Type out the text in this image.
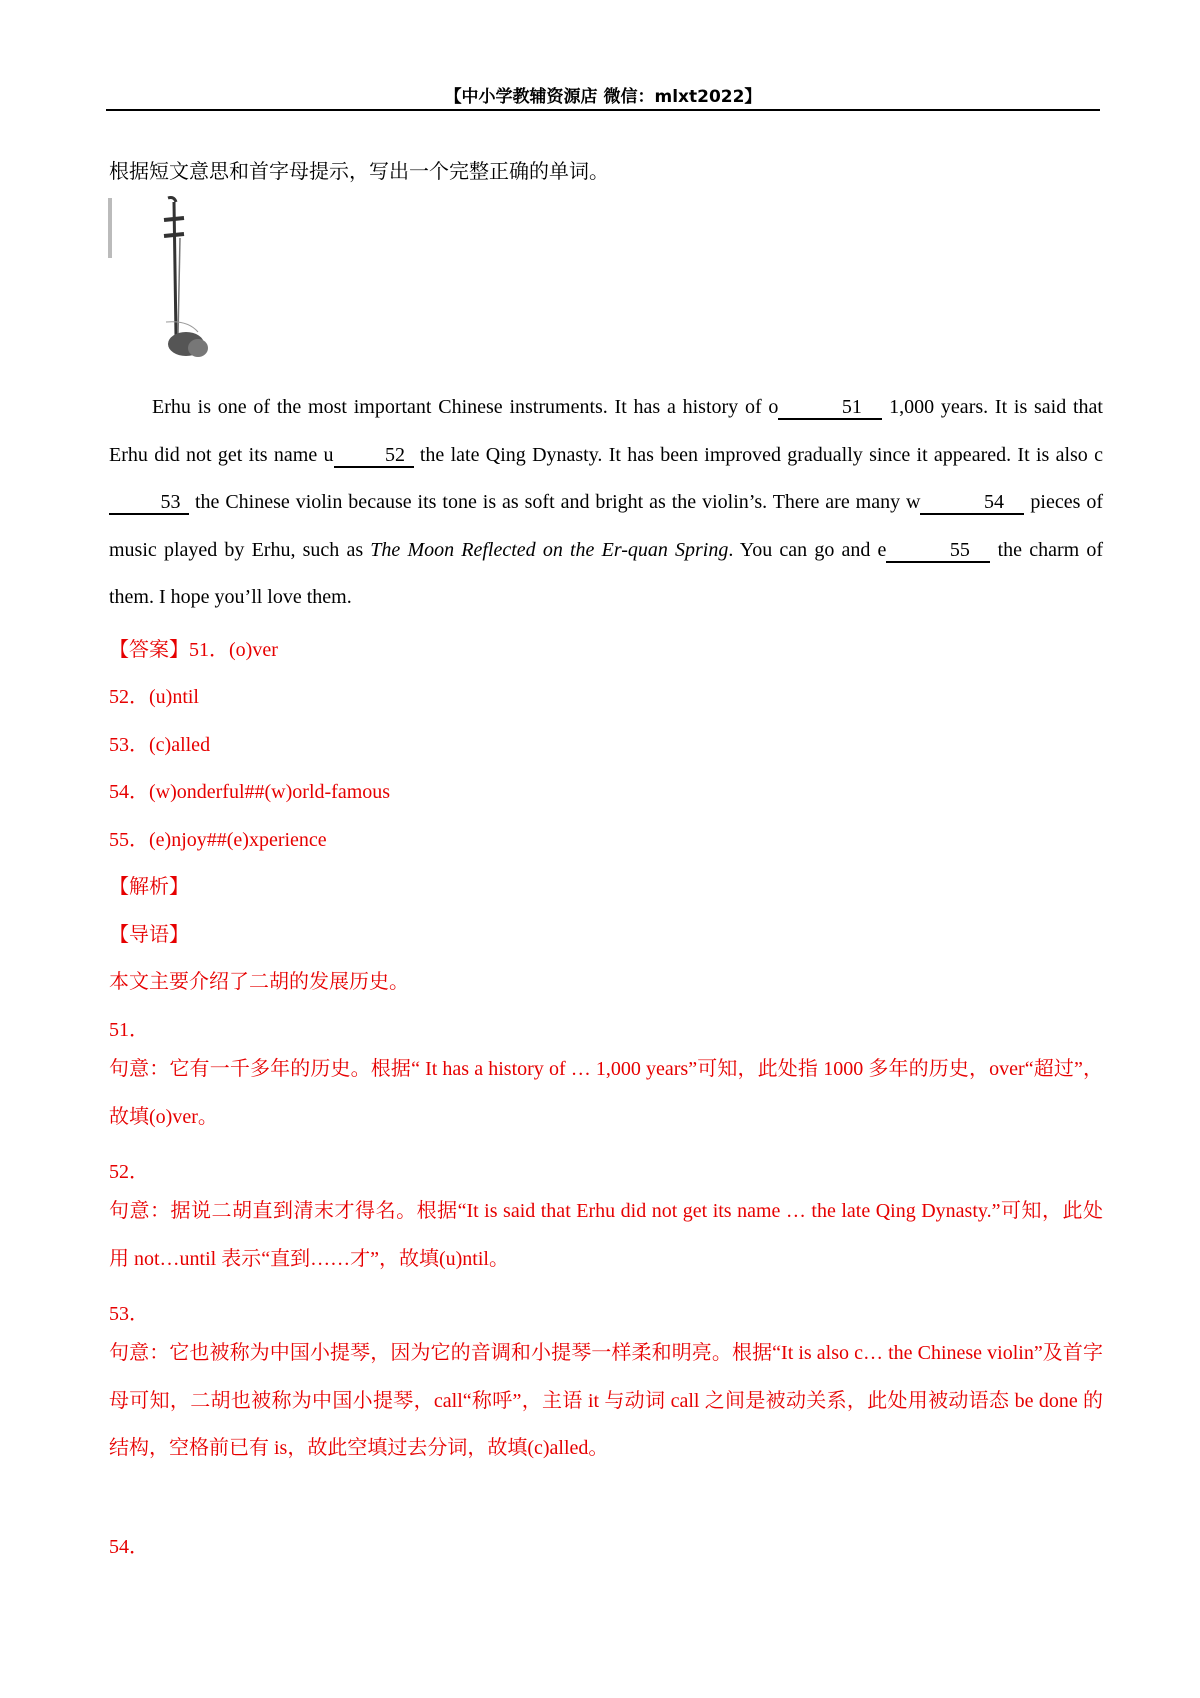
【中小学教辅资源店 微信：mlxt2022】
根据短文意思和首字母提示，写出一个完整正确的单词。

Erhu is one of the most important Chinese instruments. It has a history of o	51 1,000 years. It is said that Erhu did not get its name u	52 the late Qing Dynasty. It has been improved gradually since it appeared. It is also c53 the Chinese violin because its tone is as soft and bright as the violin’s. There are many w	54 pieces of music played by Erhu, such as The Moon Reflected on the Er-quan Spring. You can go and e	55 the charm of them. I hope you’ll love them.

【答案】51．(o)ver
52．(u)ntil
53．(c)alled
54．(w)onderful##(w)orld-famous
55．(e)njoy##(e)xperience
【解析】
【导语】
本文主要介绍了二胡的发展历史。
51．
句意：它有一千多年的历史。根据“ It has a history of … 1,000 years”可知，此处指 1000 多年的历史，over“超过”，故填(o)ver。
52．
句意：据说二胡直到清末才得名。根据“It is said that Erhu did not get its name … the late Qing Dynasty.”可知，此处用 not…until 表示“直到……才”，故填(u)ntil。
53．
句意：它也被称为中国小提琴，因为它的音调和小提琴一样柔和明亮。根据“It is also c… the Chinese violin”及首字母可知，二胡也被称为中国小提琴，call“称呼”，主语 it 与动词 call 之间是被动关系，此处用被动语态 be done 的结构，空格前已有 is，故此空填过去分词，故填(c)alled。
54．
